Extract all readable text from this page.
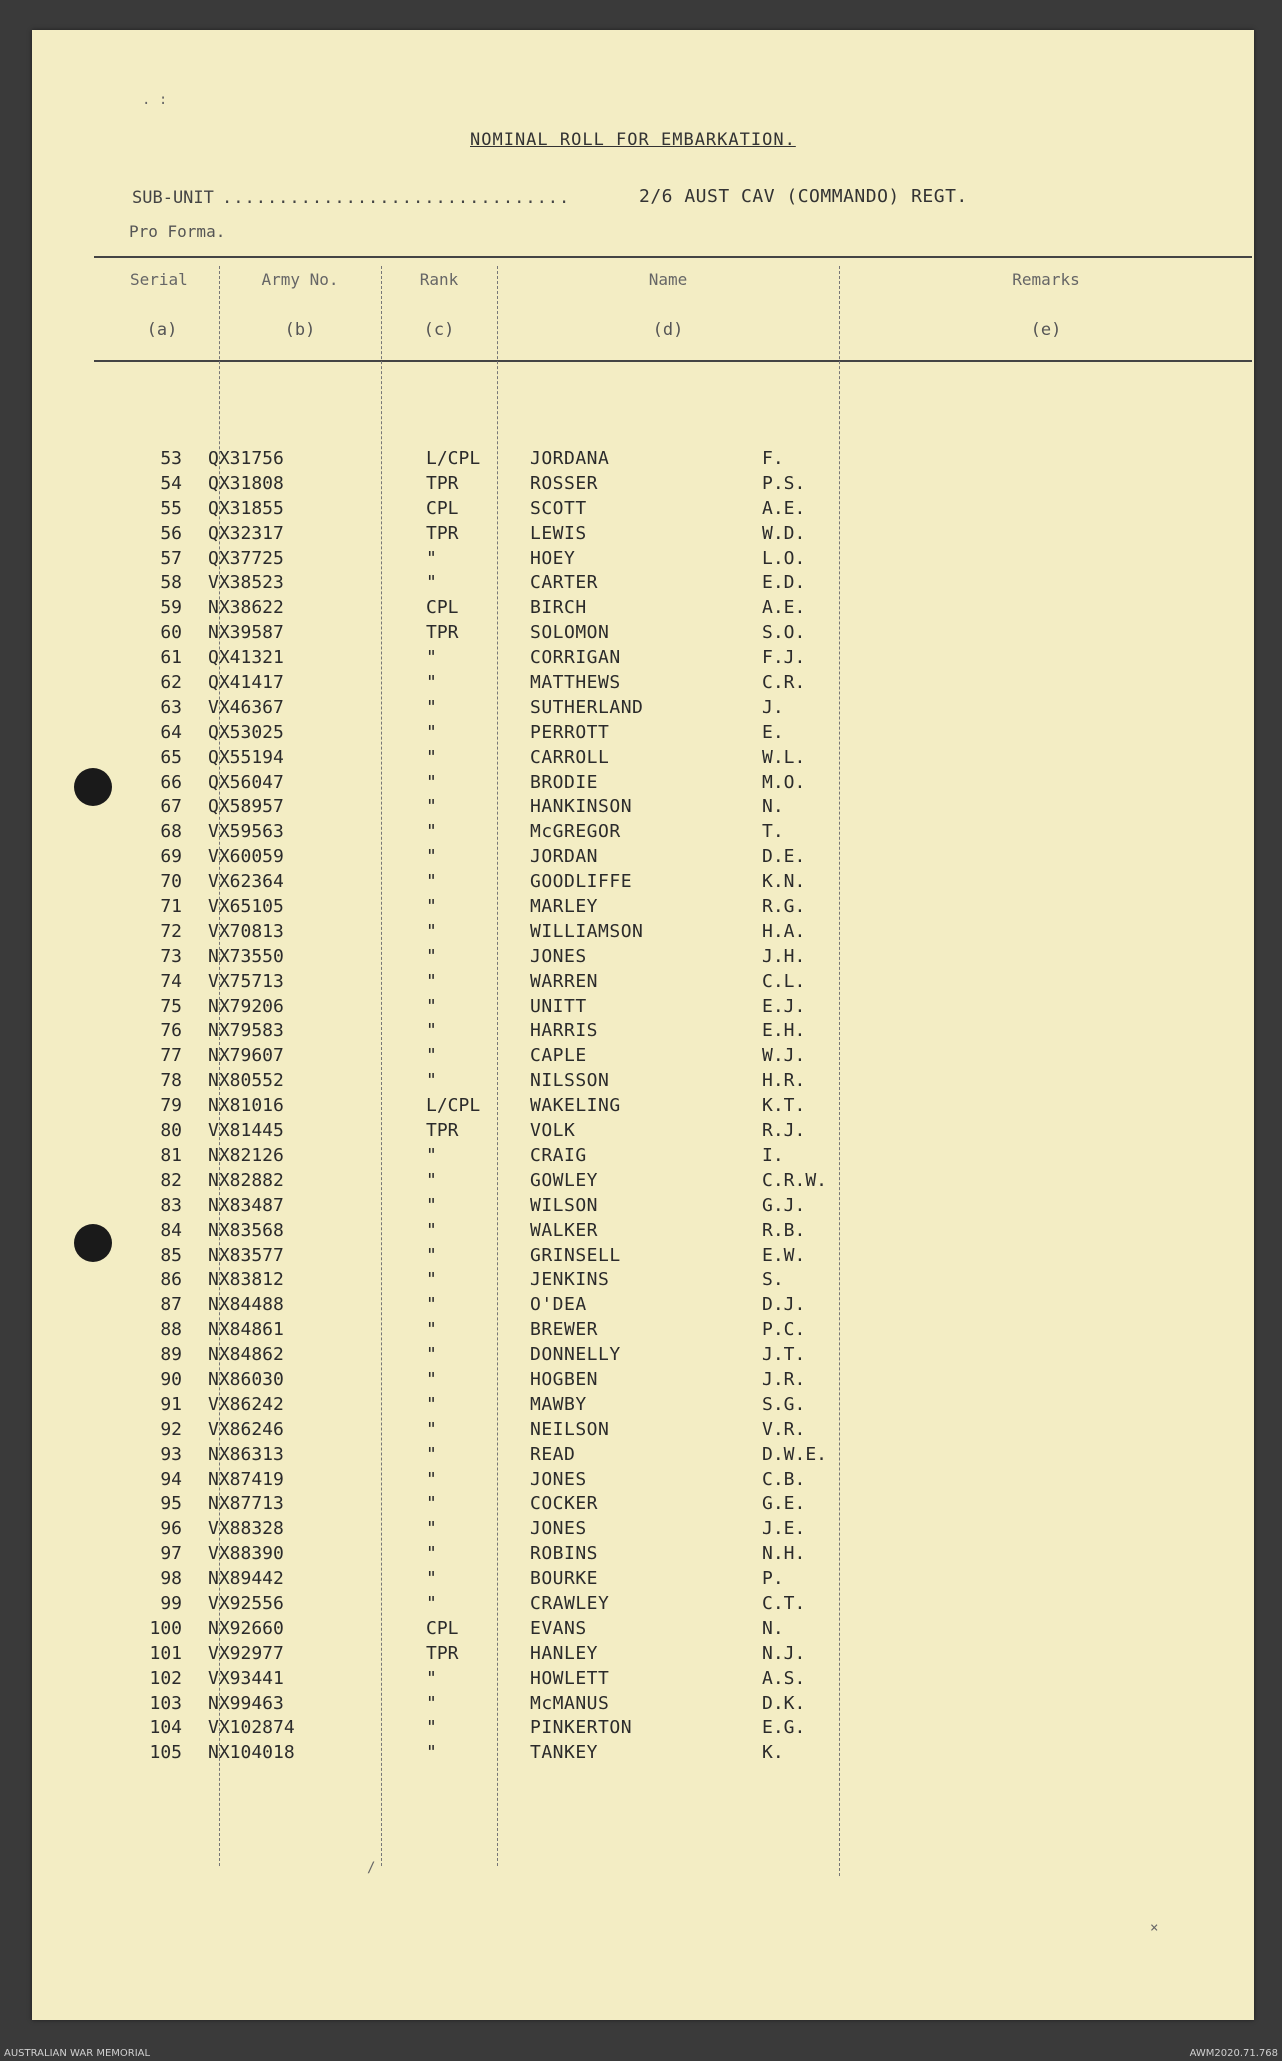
. :
NOMINAL ROLL FOR EMBARKATION.
SUB-UNIT ...............................	2/6 AUST CAV (COMMANDO) REGT.
Pro Forma.
Serial	Army No.	Rank	Name	Remarks
(a)	(b)	(c)	(d)	(e)
53 QX31756	L/CPL	JORDANA	F.
54 QX31808	TPR	ROSSER	P.S.
55 QX31855	CPL	SCOTT	A.E.
56 QX32317	TPR	LEWIS	W.D.
57 QX37725	"	HOEY	L.O.
58 VX38523	"	CARTER	E.D.
59 NX38622	CPL	BIRCH	A.E.
60 NX39587	TPR	SOLOMON	S.O.
61 QX41321	"	CORRIGAN	F.J.
62 QX41417	"	MATTHEWS	C.R.
63 VX46367	"	SUTHERLAND	J.
64 QX53025	"	PERROTT	E.
65 QX55194	"	CARROLL	W.L.
66 QX56047	"	BRODIE	M.O.
67 QX58957	"	HANKINSON	N.
68 VX59563	"	McGREGOR	T.
69 VX60059	"	JORDAN	D.E.
70 VX62364	"	GOODLIFFE	K.N.
71 VX65105	"	MARLEY	R.G.
72 VX70813	"	WILLIAMSON	H.A.
73 NX73550	"	JONES	J.H.
74 VX75713	"	WARREN	C.L.
75 NX79206	"	UNITT	E.J.
76 NX79583	"	HARRIS	E.H.
77 NX79607	"	CAPLE	W.J.
78 NX80552	"	NILSSON	H.R.
79 NX81016	L/CPL	WAKELING	K.T.
80 VX81445	TPR	VOLK	R.J.
81 NX82126	"	CRAIG	I.
82 NX82882	"	GOWLEY	C.R.W.
83 NX83487	"	WILSON	G.J.
84 NX83568	"	WALKER	R.B.
85 NX83577	"	GRINSELL	E.W.
86 NX83812	"	JENKINS	S.
87 NX84488	"	O'DEA	D.J.
88 NX84861	"	BREWER	P.C.
89 NX84862	"	DONNELLY	J.T.
90 NX86030	"	HOGBEN	J.R.
91 VX86242	"	MAWBY	S.G.
92 VX86246	"	NEILSON	V.R.
93 NX86313	"	READ	D.W.E.
94 NX87419	"	JONES	C.B.
95 NX87713	"	COCKER	G.E.
96 VX88328	"	JONES	J.E.
97 VX88390	"	ROBINS	N.H.
98 NX89442	"	BOURKE	P.
99 VX92556	"	CRAWLEY	C.T.
100 NX92660	CPL	EVANS	N.
101 VX92977	TPR	HANLEY	N.J.
102 VX93441	"	HOWLETT	A.S.
103 NX99463	"	McMANUS	D.K.
104 VX102874	"	PINKERTON	E.G.
105 NX104018	"	TANKEY	K.
/
×
AUSTRALIAN WAR MEMORIAL	AWM2020.71.768
